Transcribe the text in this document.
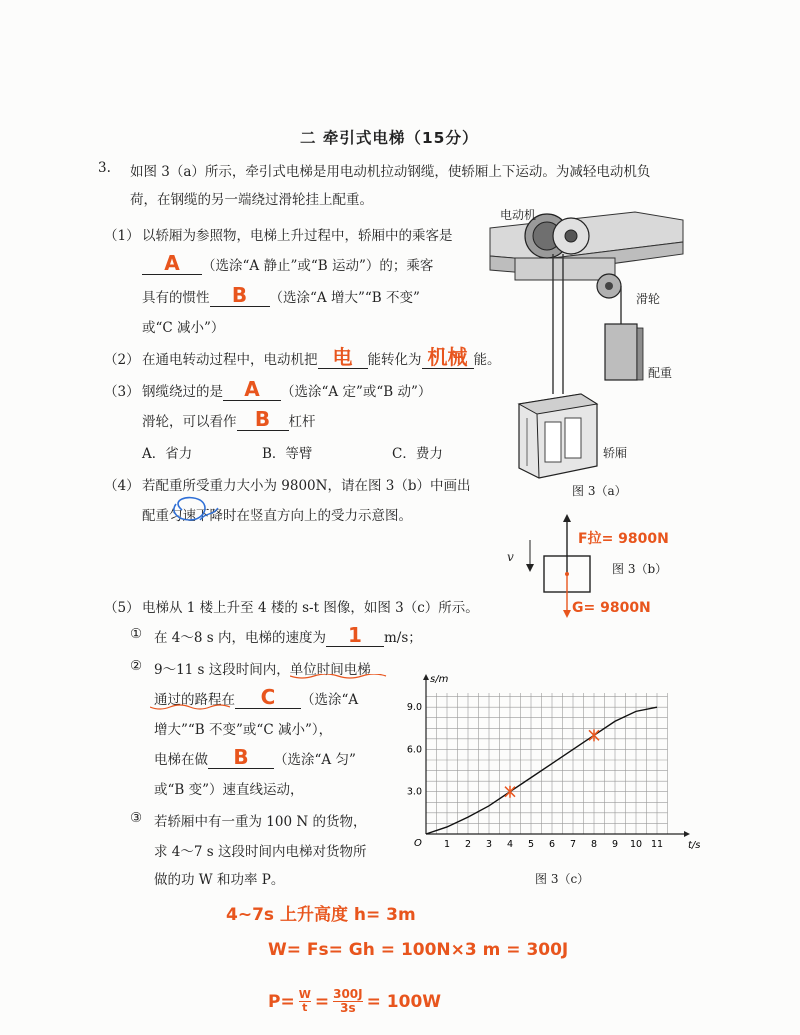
二 牵引式电梯（15分）
3. 如图 3（a）所示，牵引式电梯是用电动机拉动钢缆，使轿厢上下运动。为减轻电动机负
荷，在钢缆的另一端绕过滑轮挂上配重。
（1） 以轿厢为参照物，电梯上升过程中，轿厢中的乘客是
A （选涂“A 静止”或“B 运动”）的；乘客
具有的惯性 B （选涂“A 增大”“B 不变”
或“C 减小”）
（2） 在通电转动过程中，电动机把 电 能转化为 机械 能。
（3） 钢缆绕过的是 A （选涂“A 定”或“B 动”）
滑轮，可以看作 B 杠杆
A．省力	B．等臂	C．费力
（4） 若配重所受重力大小为 9800N，请在图 3（b）中画出
配重匀速下降时在竖直方向上的受力示意图。
电动机
滑轮
配重
轿厢
图 3（a）
v
图 3（b）
F拉= 9800N
G= 9800N
（5） 电梯从 1 楼上升至 4 楼的 s-t 图像，如图 3（c）所示。
① 在 4～8 s 内，电梯的速度为 1 m/s；
② 9～11 s 这段时间内，单位时间电梯
通过的路程在 C （选涂“A
增大”“B 不变”或“C 减小”），
电梯在做 B （选涂“A 匀”
或“B 变”）速直线运动，
③ 若轿厢中有一重为 100 N 的货物，
求 4～7 s 这段时间内电梯对货物所
做的功 W 和功率 P。
t/s
s/m
O 1 2 3 4 5 6 7 8 9 10 11
3.0
6.0
9.0
图 3（c）
4~7s 上升高度 h= 3m
W= Fs= Gh = 100N×3 m = 300J
$P= \frac{W}{t} = \frac{300J}{3s} = 100W$
